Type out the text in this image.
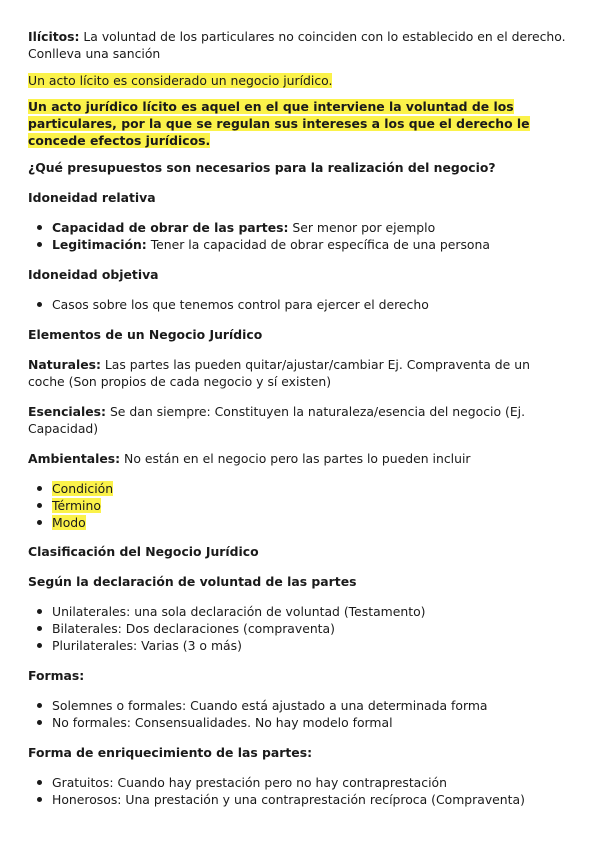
Ilícitos: La voluntad de los particulares no coinciden con lo establecido en el derecho. Conlleva una sanción

Un acto lícito es considerado un negocio jurídico.

Un acto jurídico lícito es aquel en el que interviene la voluntad de los particulares, por la que se regulan sus intereses a los que el derecho le concede efectos jurídicos.

¿Qué presupuestos son necesarios para la realización del negocio?

Idoneidad relativa

Capacidad de obrar de las partes: Ser menor por ejemplo
Legitimación: Tener la capacidad de obrar específica de una persona

Idoneidad objetiva

Casos sobre los que tenemos control para ejercer el derecho

Elementos de un Negocio Jurídico

Naturales: Las partes las pueden quitar/ajustar/cambiar Ej. Compraventa de un coche (Son propios de cada negocio y sí existen)

Esenciales: Se dan siempre: Constituyen la naturaleza/esencia del negocio (Ej. Capacidad)

Ambientales: No están en el negocio pero las partes lo pueden incluir

Condición
Término
Modo

Clasificación del Negocio Jurídico

Según la declaración de voluntad de las partes

Unilaterales: una sola declaración de voluntad (Testamento)
Bilaterales: Dos declaraciones (compraventa)
Plurilaterales: Varias (3 o más)

Formas:

Solemnes o formales: Cuando está ajustado a una determinada forma
No formales: Consensualidades. No hay modelo formal

Forma de enriquecimiento de las partes:

Gratuitos: Cuando hay prestación pero no hay contraprestación
Honerosos: Una prestación y una contraprestación recíproca (Compraventa)
